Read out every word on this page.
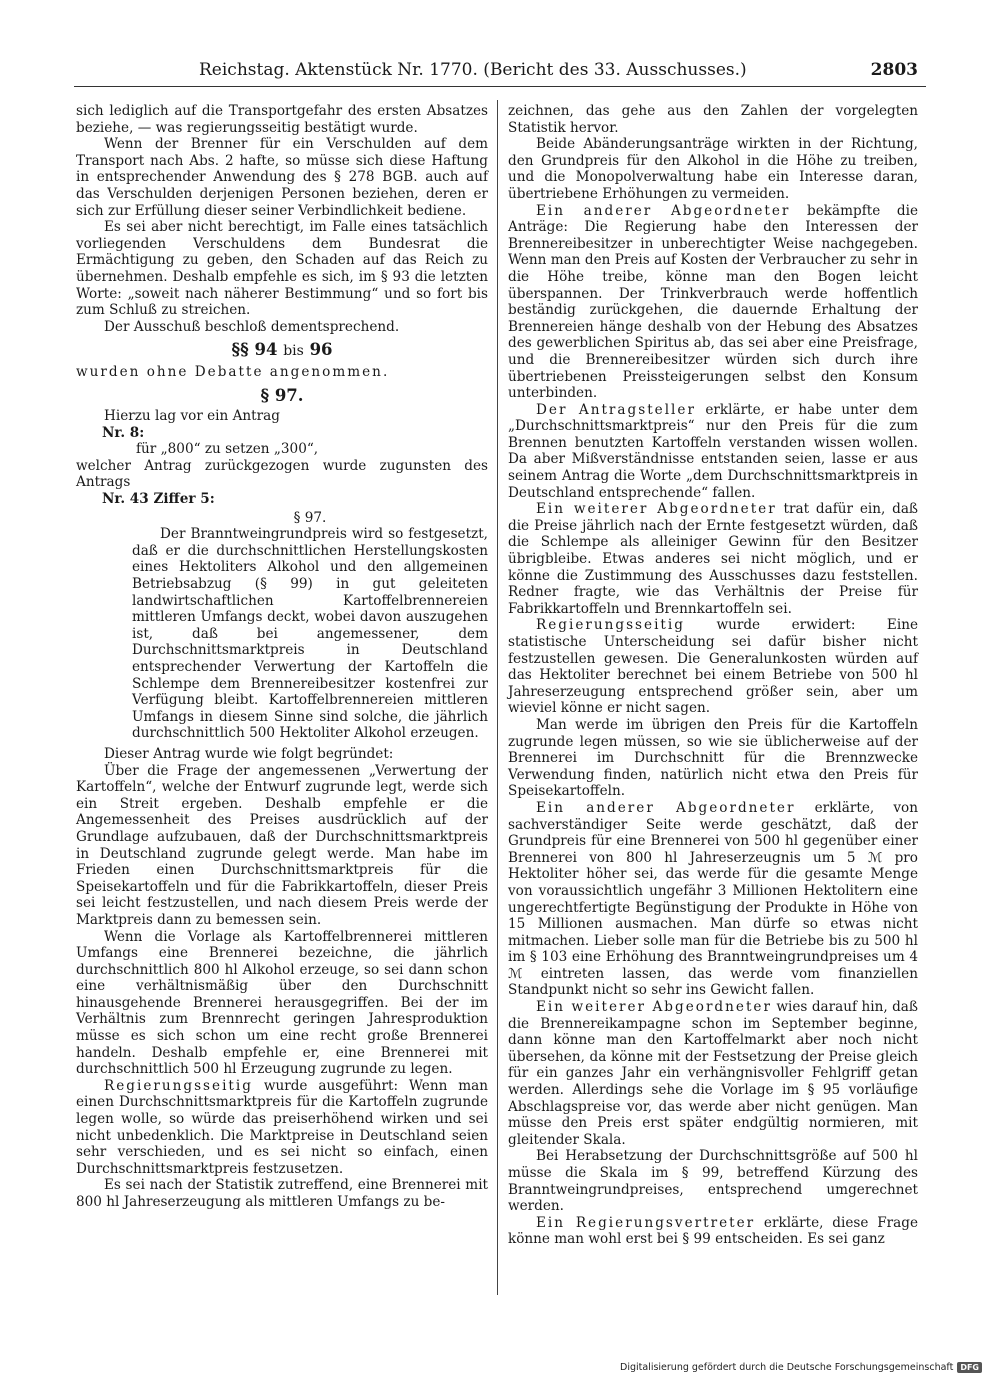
Reichstag. Aktenstück Nr. 1770. (Bericht des 33. Ausschusses.)	2803

sich lediglich auf die Transportgefahr des ersten Absatzes beziehe, — was regierungsseitig bestätigt wurde.

Wenn der Brenner für ein Verschulden auf dem Transport nach Abs. 2 hafte, so müsse sich diese Haftung in entsprechender Anwendung des § 278 BGB. auch auf das Verschulden derjenigen Personen beziehen, deren er sich zur Erfüllung dieser seiner Verbindlichkeit bediene.

Es sei aber nicht berechtigt, im Falle eines tatsächlich vorliegenden Verschuldens dem Bundesrat die Ermächtigung zu geben, den Schaden auf das Reich zu übernehmen. Deshalb empfehle es sich, im § 93 die letzten Worte: „soweit nach näherer Bestimmung“ und so fort bis zum Schluß zu streichen.

Der Ausschuß beschloß dementsprechend.

§§ 94 bis 96

wurden ohne Debatte angenommen.

§ 97.

Hierzu lag vor ein Antrag

Nr. 8:

für „800“ zu setzen „300“,

welcher Antrag zurückgezogen wurde zugunsten des Antrags

Nr. 43 Ziffer 5:

§ 97.

Der Branntweingrundpreis wird so festgesetzt, daß er die durchschnittlichen Herstellungskosten eines Hektoliters Alkohol und den allgemeinen Betriebsabzug (§ 99) in gut geleiteten landwirtschaftlichen Kartoffelbrennereien mittleren Umfangs deckt, wobei davon auszugehen ist, daß bei angemessener, dem Durchschnittsmarktpreis in Deutschland entsprechender Verwertung der Kartoffeln die Schlempe dem Brennereibesitzer kostenfrei zur Verfügung bleibt. Kartoffelbrennereien mittleren Umfangs in diesem Sinne sind solche, die jährlich durchschnittlich 500 Hektoliter Alkohol erzeugen.

Dieser Antrag wurde wie folgt begründet:

Über die Frage der angemessenen „Verwertung der Kartoffeln“, welche der Entwurf zugrunde legt, werde sich ein Streit ergeben. Deshalb empfehle er die Angemessenheit des Preises ausdrücklich auf der Grundlage aufzubauen, daß der Durchschnittsmarktpreis in Deutschland zugrunde gelegt werde. Man habe im Frieden einen Durchschnittsmarktpreis für die Speisekartoffeln und für die Fabrikkartoffeln, dieser Preis sei leicht festzustellen, und nach diesem Preis werde der Marktpreis dann zu bemessen sein.

Wenn die Vorlage als Kartoffelbrennerei mittleren Umfangs eine Brennerei bezeichne, die jährlich durchschnittlich 800 hl Alkohol erzeuge, so sei dann schon eine verhältnismäßig über den Durchschnitt hinausgehende Brennerei herausgegriffen. Bei der im Verhältnis zum Brennrecht geringen Jahresproduktion müsse es sich schon um eine recht große Brennerei handeln. Deshalb empfehle er, eine Brennerei mit durchschnittlich 500 hl Erzeugung zugrunde zu legen.

Regierungsseitig wurde ausgeführt: Wenn man einen Durchschnittsmarktpreis für die Kartoffeln zugrunde legen wolle, so würde das preiserhöhend wirken und sei nicht unbedenklich. Die Marktpreise in Deutschland seien sehr verschieden, und es sei nicht so einfach, einen Durchschnittsmarktpreis festzusetzen.

Es sei nach der Statistik zutreffend, eine Brennerei mit 800 hl Jahreserzeugung als mittleren Umfangs zu be-

zeichnen, das gehe aus den Zahlen der vorgelegten Statistik hervor.

Beide Abänderungsanträge wirkten in der Richtung, den Grundpreis für den Alkohol in die Höhe zu treiben, und die Monopolverwaltung habe ein Interesse daran, übertriebene Erhöhungen zu vermeiden.

Ein anderer Abgeordneter bekämpfte die Anträge: Die Regierung habe den Interessen der Brennereibesitzer in unberechtigter Weise nachgegeben. Wenn man den Preis auf Kosten der Verbraucher zu sehr in die Höhe treibe, könne man den Bogen leicht überspannen. Der Trinkverbrauch werde hoffentlich beständig zurückgehen, die dauernde Erhaltung der Brennereien hänge deshalb von der Hebung des Absatzes des gewerblichen Spiritus ab, das sei aber eine Preisfrage, und die Brennereibesitzer würden sich durch ihre übertriebenen Preissteigerungen selbst den Konsum unterbinden.

Der Antragsteller erklärte, er habe unter dem „Durchschnittsmarktpreis“ nur den Preis für die zum Brennen benutzten Kartoffeln verstanden wissen wollen. Da aber Mißverständnisse entstanden seien, lasse er aus seinem Antrag die Worte „dem Durchschnittsmarktpreis in Deutschland entsprechende“ fallen.

Ein weiterer Abgeordneter trat dafür ein, daß die Preise jährlich nach der Ernte festgesetzt würden, daß die Schlempe als alleiniger Gewinn für den Besitzer übrigbleibe. Etwas anderes sei nicht möglich, und er könne die Zustimmung des Ausschusses dazu feststellen. Redner fragte, wie das Verhältnis der Preise für Fabrikkartoffeln und Brennkartoffeln sei.

Regierungsseitig wurde erwidert: Eine statistische Unterscheidung sei dafür bisher nicht festzustellen gewesen. Die Generalunkosten würden auf das Hektoliter berechnet bei einem Betriebe von 500 hl Jahreserzeugung entsprechend größer sein, aber um wieviel könne er nicht sagen.

Man werde im übrigen den Preis für die Kartoffeln zugrunde legen müssen, so wie sie üblicherweise auf der Brennerei im Durchschnitt für die Brennzwecke Verwendung finden, natürlich nicht etwa den Preis für Speisekartoffeln.

Ein anderer Abgeordneter erklärte, von sachverständiger Seite werde geschätzt, daß der Grundpreis für eine Brennerei von 500 hl gegenüber einer Brennerei von 800 hl Jahreserzeugnis um 5 ℳ pro Hektoliter höher sei, das werde für die gesamte Menge von voraussichtlich ungefähr 3 Millionen Hektolitern eine ungerechtfertigte Begünstigung der Produkte in Höhe von 15 Millionen ausmachen. Man dürfe so etwas nicht mitmachen. Lieber solle man für die Betriebe bis zu 500 hl im § 103 eine Erhöhung des Branntweingrundpreises um 4 ℳ eintreten lassen, das werde vom finanziellen Standpunkt nicht so sehr ins Gewicht fallen.

Ein weiterer Abgeordneter wies darauf hin, daß die Brennereikampagne schon im September beginne, dann könne man den Kartoffelmarkt aber noch nicht übersehen, da könne mit der Festsetzung der Preise gleich für ein ganzes Jahr ein verhängnisvoller Fehlgriff getan werden. Allerdings sehe die Vorlage im § 95 vorläufige Abschlagspreise vor, das werde aber nicht genügen. Man müsse den Preis erst später endgültig normieren, mit gleitender Skala.

Bei Herabsetzung der Durchschnittsgröße auf 500 hl müsse die Skala im § 99, betreffend Kürzung des Branntweingrundpreises, entsprechend umgerechnet werden.

Ein Regierungsvertreter erklärte, diese Frage könne man wohl erst bei § 99 entscheiden. Es sei ganz

Digitalisierung gefördert durch die Deutsche Forschungsgemeinschaft DFG
